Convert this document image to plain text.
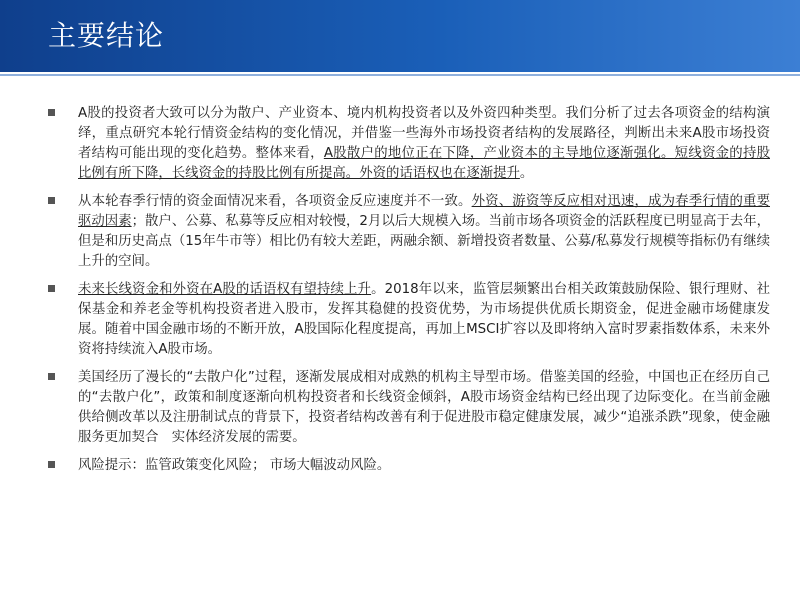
主要结论
A股的投资者大致可以分为散户、产业资本、境内机构投资者以及外资四种类型。我们分析了过去各项资金的结构演绎，重点研究本轮行情资金结构的变化情况，并借鉴一些海外市场投资者结构的发展路径，判断出未来A股市场投资者结构可能出现的变化趋势。整体来看，A股散户的地位正在下降，产业资本的主导地位逐渐强化。短线资金的持股比例有所下降，长线资金的持股比例有所提高。外资的话语权也在逐渐提升。
从本轮春季行情的资金面情况来看，各项资金反应速度并不一致。外资、游资等反应相对迅速，成为春季行情的重要驱动因素；散户、公募、私募等反应相对较慢，2月以后大规模入场。当前市场各项资金的活跃程度已明显高于去年，但是和历史高点（15年牛市等）相比仍有较大差距，两融余额、新增投资者数量、公募/私募发行规模等指标仍有继续上升的空间。
未来长线资金和外资在A股的话语权有望持续上升。2018年以来，监管层频繁出台相关政策鼓励保险、银行理财、社保基金和养老金等机构投资者进入股市，发挥其稳健的投资优势，为市场提供优质长期资金，促进金融市场健康发展。随着中国金融市场的不断开放，A股国际化程度提高，再加上MSCI扩容以及即将纳入富时罗素指数体系，未来外资将持续流入A股市场。
美国经历了漫长的“去散户化”过程，逐渐发展成相对成熟的机构主导型市场。借鉴美国的经验，中国也正在经历自己的“去散户化”，政策和制度逐渐向机构投资者和长线资金倾斜，A股市场资金结构已经出现了边际变化。在当前金融供给侧改革以及注册制试点的背景下，投资者结构改善有利于促进股市稳定健康发展，减少“追涨杀跌”现象，使金融服务更加契合　实体经济发展的需要。
风险提示：监管政策变化风险； 市场大幅波动风险。
